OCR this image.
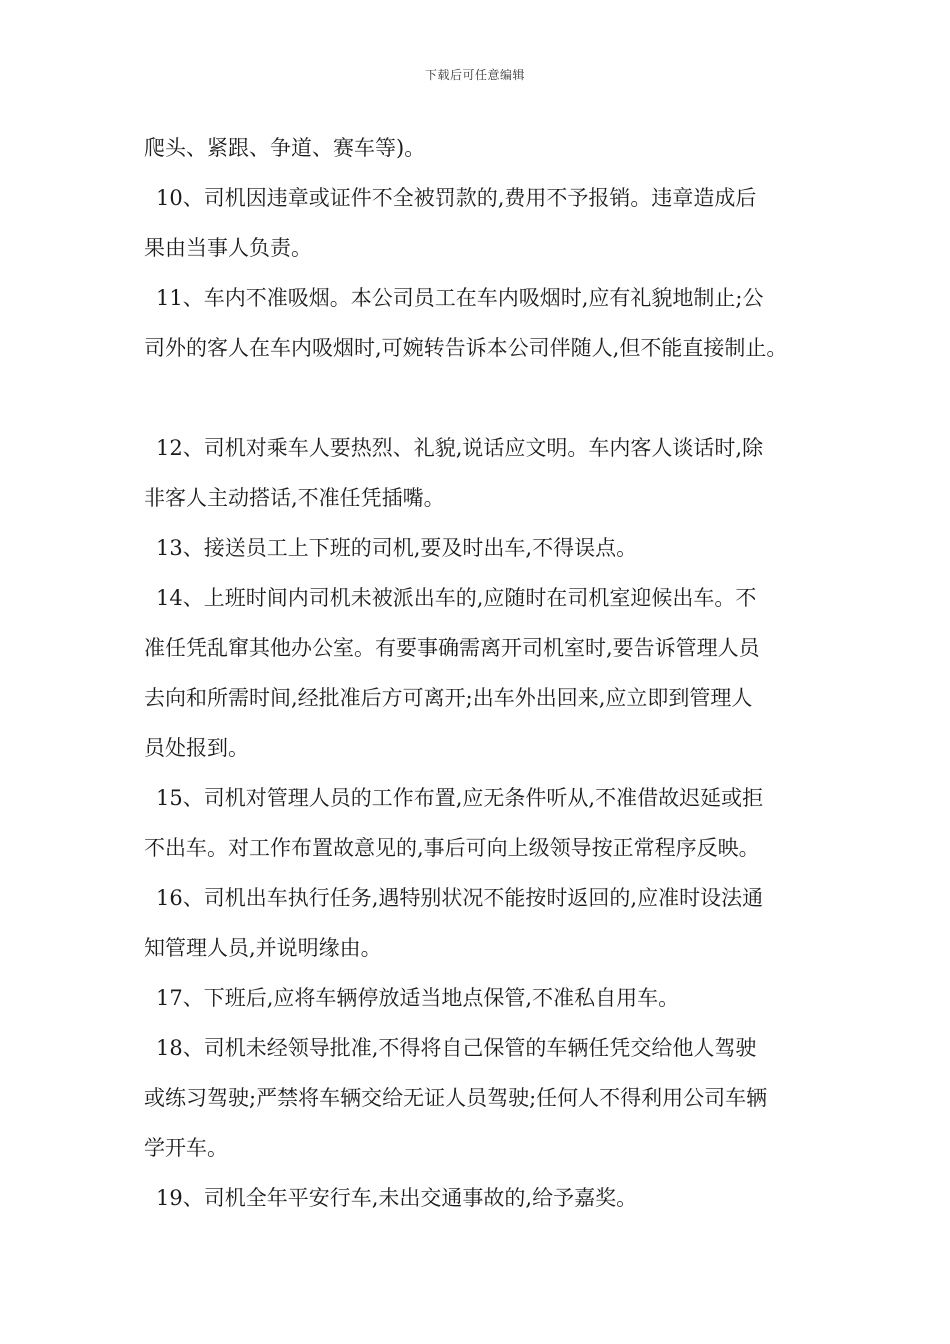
下载后可任意编辑
爬头、紧跟、争道、赛车等)。
10、司机因违章或证件不全被罚款的,费用不予报销。违章造成后
果由当事人负责。
11、车内不准吸烟。本公司员工在车内吸烟时,应有礼貌地制止;公
司外的客人在车内吸烟时,可婉转告诉本公司伴随人,但不能直接制止。
12、司机对乘车人要热烈、礼貌,说话应文明。车内客人谈话时,除
非客人主动搭话,不准任凭插嘴。
13、接送员工上下班的司机,要及时出车,不得误点。
14、上班时间内司机未被派出车的,应随时在司机室迎候出车。不
准任凭乱窜其他办公室。有要事确需离开司机室时,要告诉管理人员
去向和所需时间,经批准后方可离开;出车外出回来,应立即到管理人
员处报到。
15、司机对管理人员的工作布置,应无条件听从,不准借故迟延或拒
不出车。对工作布置故意见的,事后可向上级领导按正常程序反映。
16、司机出车执行任务,遇特别状况不能按时返回的,应准时设法通
知管理人员,并说明缘由。
17、下班后,应将车辆停放适当地点保管,不准私自用车。
18、司机未经领导批准,不得将自己保管的车辆任凭交给他人驾驶
或练习驾驶;严禁将车辆交给无证人员驾驶;任何人不得利用公司车辆
学开车。
19、司机全年平安行车,未出交通事故的,给予嘉奖。
